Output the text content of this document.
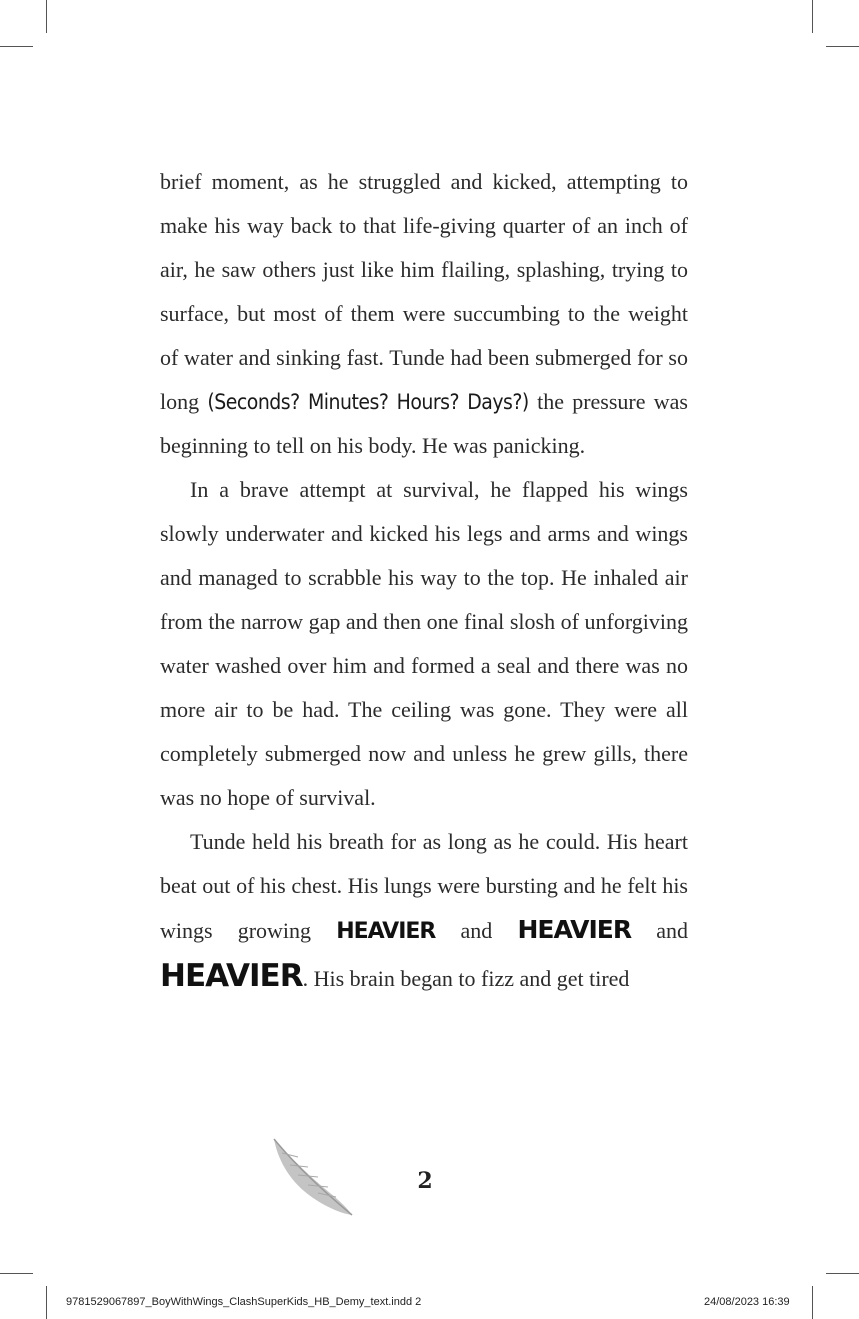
brief moment, as he struggled and kicked, attempting to make his way back to that life-giving quarter of an inch of air, he saw others just like him flailing, splashing, trying to surface, but most of them were succumbing to the weight of water and sinking fast. Tunde had been submerged for so long (Seconds? Minutes? Hours? Days?) the pressure was beginning to tell on his body. He was panicking.

In a brave attempt at survival, he flapped his wings slowly underwater and kicked his legs and arms and wings and managed to scrabble his way to the top. He inhaled air from the narrow gap and then one final slosh of unforgiving water washed over him and formed a seal and there was no more air to be had. The ceiling was gone. They were all completely submerged now and unless he grew gills, there was no hope of survival.

Tunde held his breath for as long as he could. His heart beat out of his chest. His lungs were bursting and he felt his wings growing HEAVIER and HEAVIER and HEAVIER. His brain began to fizz and get tired

2
9781529067897_BoyWithWings_ClashSuperKids_HB_Demy_text.indd 2	24/08/2023 16:39
